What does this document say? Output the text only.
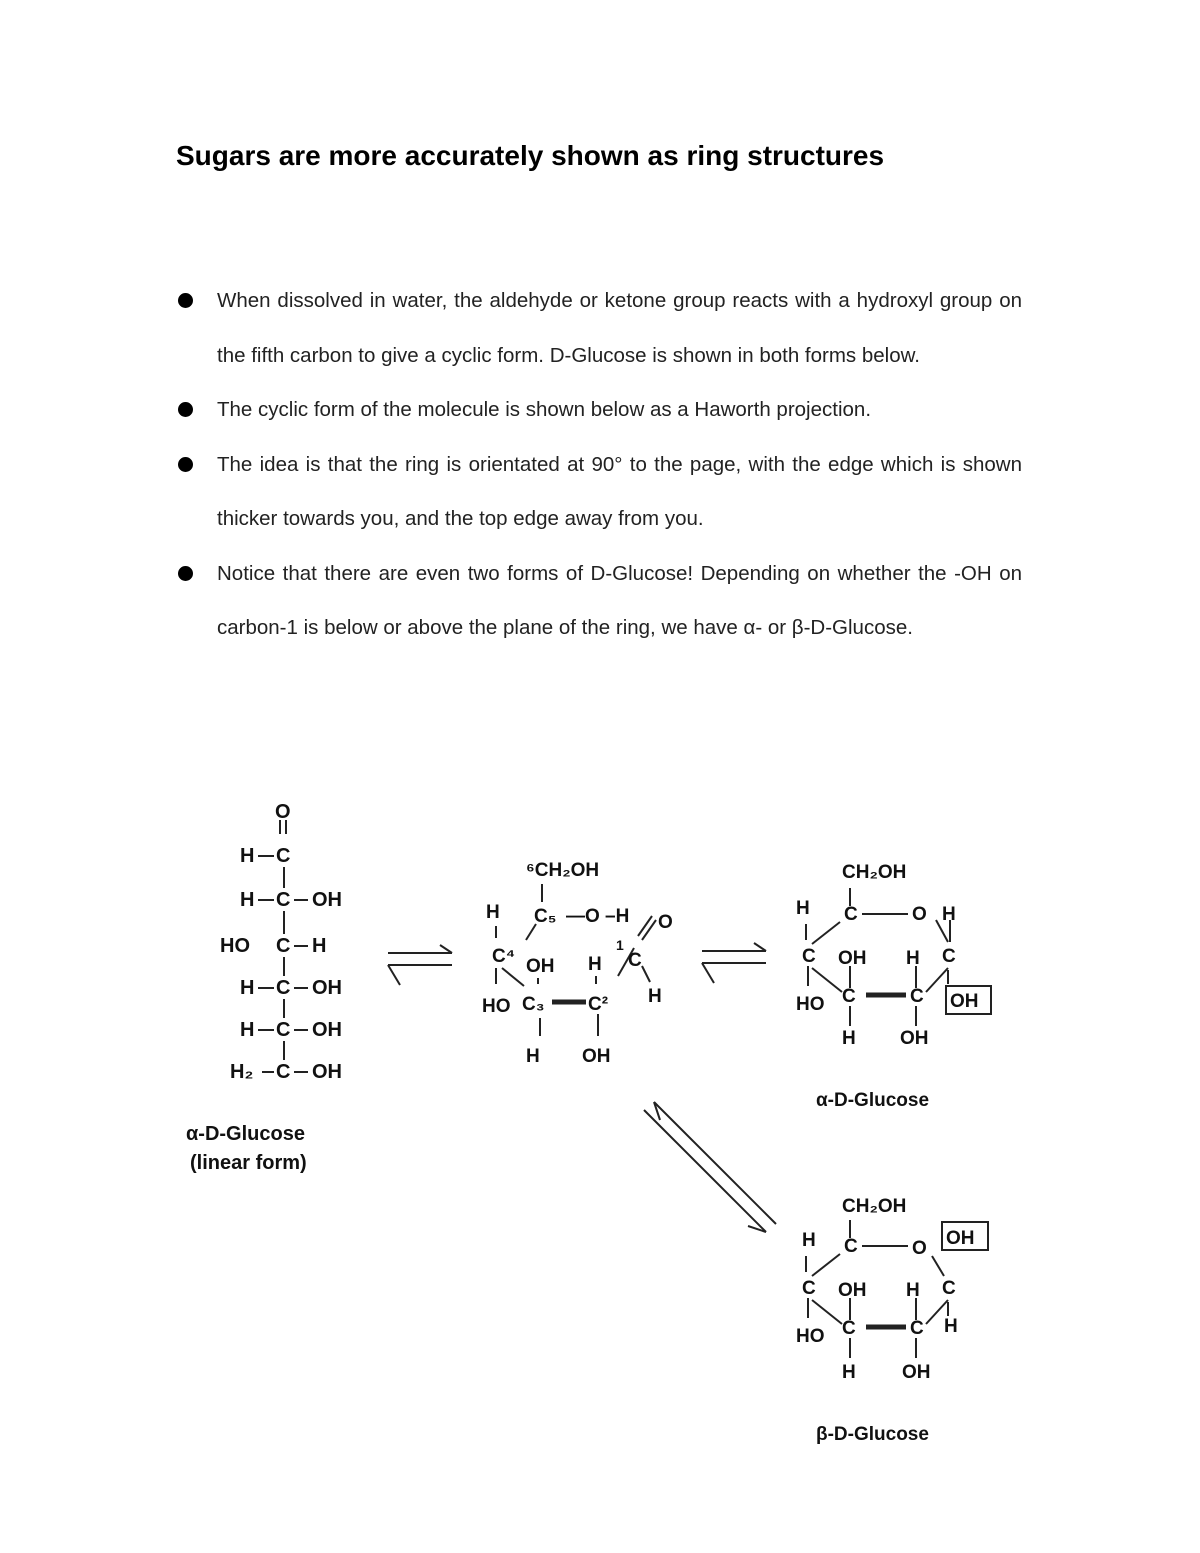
Sugars are more accurately shown as ring structures
When dissolved in water, the aldehyde or ketone group reacts with a hydroxyl group on the fifth carbon to give a cyclic form. D-Glucose is shown in both forms below.
The cyclic form of the molecule is shown below as a Haworth projection.
The idea is that the ring is orientated at 90° to the page, with the edge which is shown thicker towards you, and the top edge away from you.
Notice that there are even two forms of D-Glucose! Depending on whether the -OH on carbon-1 is below or above the plane of the ring, we have α- or β-D-Glucose.
O
H C
H C OH
HO C H
H C OH
H C OH
H₂ C OH
α-D-Glucose
(linear form)
⁶CH₂OH
H C₅ —O –H O
1
C
C⁴ OH H
H
HO C₃ C²
H OH
CH₂OH
H C	O H
C OH H C
HO C	C OH
H OH
α-D-Glucose
CH₂OH
H C	O OH
C OH H C
HO C	C H
H OH
β-D-Glucose
